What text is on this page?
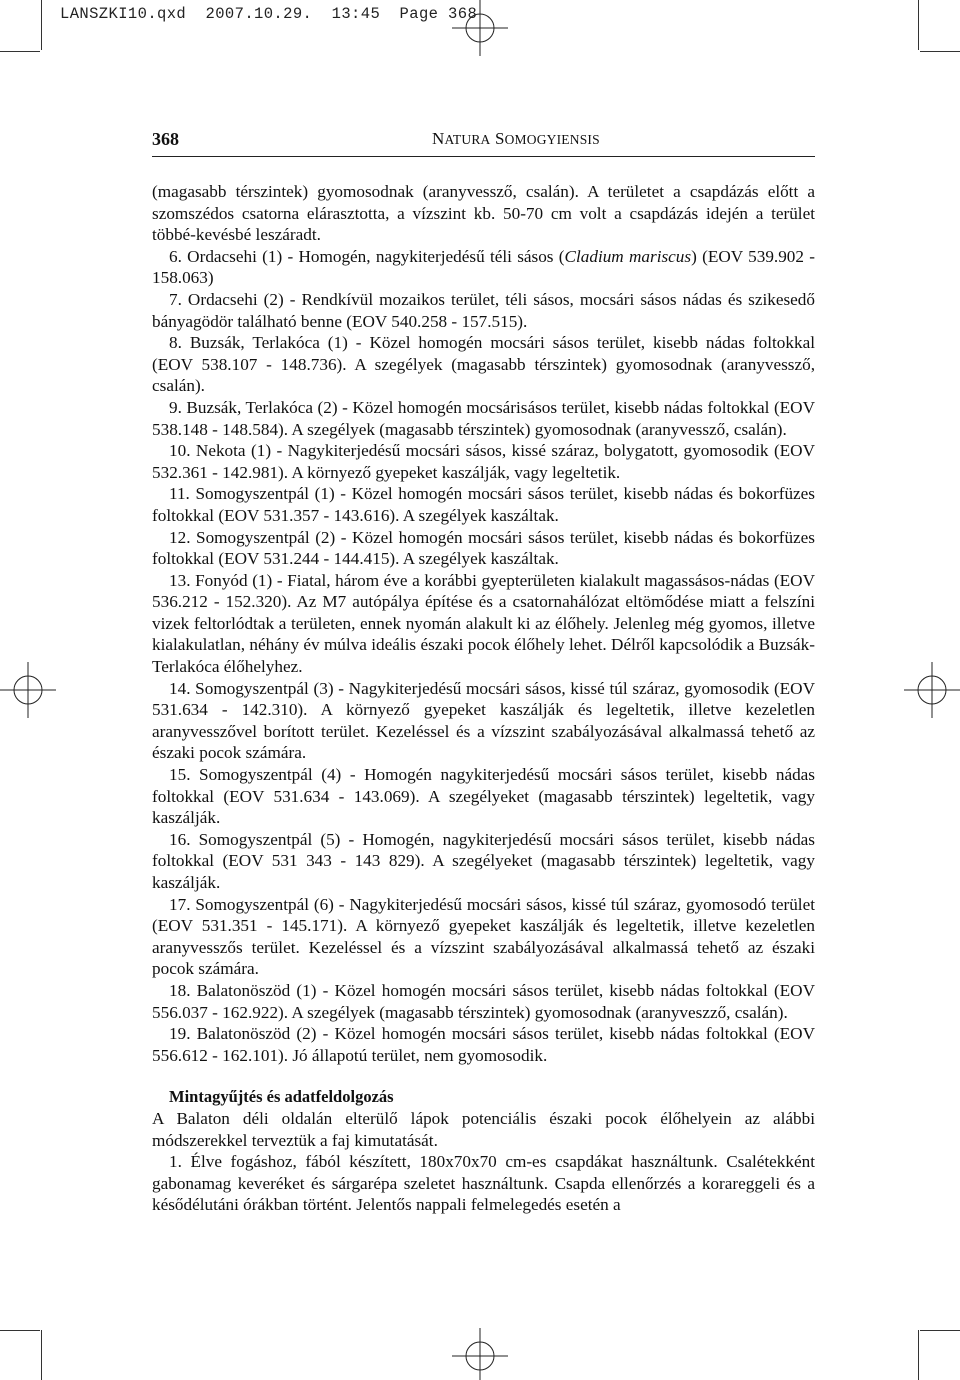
LANSZKI10.qxd  2007.10.29.  13:45  Page 368
368	NATURA SOMOGYIENSIS

(magasabb térszintek) gyomosodnak (aranyvessző, csalán). A területet a csapdázás előtt a szomszédos csatorna elárasztotta, a vízszint kb. 50-70 cm volt a csapdázás idején a terület többé-kevésbé leszáradt.

6. Ordacsehi (1) - Homogén, nagykiterjedésű téli sásos (Cladium mariscus) (EOV 539.902 - 158.063)

7. Ordacsehi (2) - Rendkívül mozaikos terület, téli sásos, mocsári sásos nádas és szikesedő bányagödör található benne (EOV 540.258 - 157.515).

8. Buzsák, Terlakóca (1) - Közel homogén mocsári sásos terület, kisebb nádas foltokkal (EOV 538.107 - 148.736). A szegélyek (magasabb térszintek) gyomosodnak (aranyvessző, csalán).

9. Buzsák, Terlakóca (2) - Közel homogén mocsárisásos terület, kisebb nádas foltokkal (EOV 538.148 - 148.584). A szegélyek (magasabb térszintek) gyomosodnak (aranyvessző, csalán).

10. Nekota (1) - Nagykiterjedésű mocsári sásos, kissé száraz, bolygatott, gyomosodik (EOV 532.361 - 142.981). A környező gyepeket kaszálják, vagy legeltetik.

11. Somogyszentpál (1) - Közel homogén mocsári sásos terület, kisebb nádas és bokorfüzes foltokkal (EOV 531.357 - 143.616). A szegélyek kaszáltak.

12. Somogyszentpál (2) - Közel homogén mocsári sásos terület, kisebb nádas és bokorfüzes foltokkal (EOV 531.244 - 144.415). A szegélyek kaszáltak.

13. Fonyód (1) - Fiatal, három éve a korábbi gyepterületen kialakult magassásos-nádas (EOV 536.212 - 152.320). Az M7 autópálya építése és a csatornahálózat eltömődése miatt a felszíni vizek feltorlódtak a területen, ennek nyomán alakult ki az élőhely. Jelenleg még gyomos, illetve kialakulatlan, néhány év múlva ideális északi pocok élőhely lehet. Délről kapcsolódik a Buzsák-Terlakóca élőhelyhez.

14. Somogyszentpál (3) - Nagykiterjedésű mocsári sásos, kissé túl száraz, gyomosodik (EOV 531.634 - 142.310). A környező gyepeket kaszálják és legeltetik, illetve kezeletlen aranyvesszővel borított terület. Kezeléssel és a vízszint szabályozásával alkalmassá tehető az északi pocok számára.

15. Somogyszentpál (4) - Homogén nagykiterjedésű mocsári sásos terület, kisebb nádas foltokkal (EOV 531.634 - 143.069). A szegélyeket (magasabb térszintek) legeltetik, vagy kaszálják.

16. Somogyszentpál (5) - Homogén, nagykiterjedésű mocsári sásos terület, kisebb nádas foltokkal (EOV 531 343 - 143 829). A szegélyeket (magasabb térszintek) legeltetik, vagy kaszálják.

17. Somogyszentpál (6) - Nagykiterjedésű mocsári sásos, kissé túl száraz, gyomosodó terület (EOV 531.351 - 145.171). A környező gyepeket kaszálják és legeltetik, illetve kezeletlen aranyvesszős terület. Kezeléssel és a vízszint szabályozásával alkalmassá tehető az északi pocok számára.

18. Balatonöszöd (1) - Közel homogén mocsári sásos terület, kisebb nádas foltokkal (EOV 556.037 - 162.922). A szegélyek (magasabb térszintek) gyomosodnak (aranyveszző, csalán).

19. Balatonöszöd (2) - Közel homogén mocsári sásos terület, kisebb nádas foltokkal (EOV 556.612 - 162.101). Jó állapotú terület, nem gyomosodik.

Mintagyűjtés és adatfeldolgozás

A Balaton déli oldalán elterülő lápok potenciális északi pocok élőhelyein az alábbi módszerekkel terveztük a faj kimutatását.

1. Élve fogáshoz, fából készített, 180x70x70 cm-es csapdákat használtunk. Csalétekként gabonamag keveréket és sárgarépa szeletet használtunk. Csapda ellenőrzés a korareggeli és a késődélutáni órákban történt. Jelentős nappali felmelegedés esetén a
